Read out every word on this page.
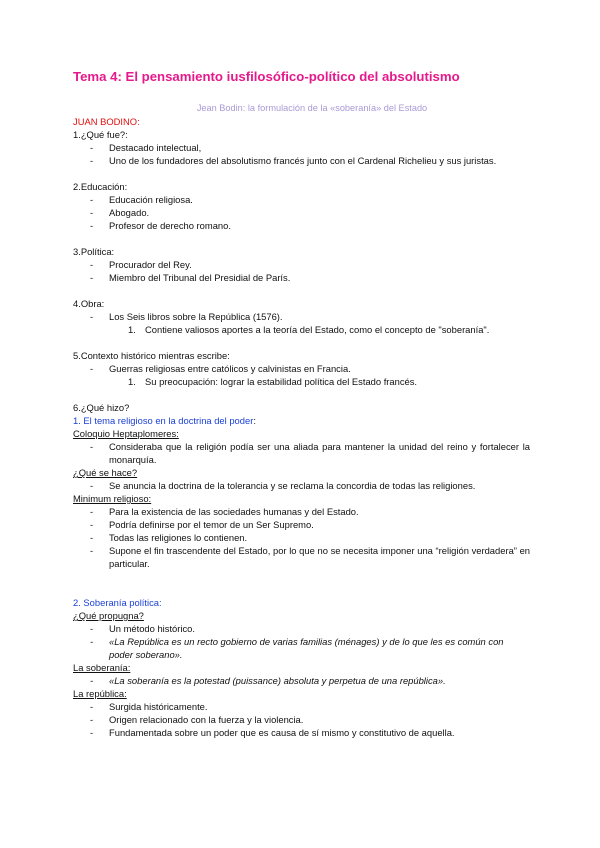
Tema 4: El pensamiento iusfilosófico-político del absolutismo
Jean Bodin: la formulación de la «soberanía» del Estado
JUAN BODINO:
1.¿Qué fue?:
- Destacado intelectual,
- Uno de los fundadores del absolutismo francés junto con el Cardenal Richelieu y sus juristas.
2.Educación:
- Educación religiosa.
- Abogado.
- Profesor de derecho romano.
3.Política:
- Procurador del Rey.
- Miembro del Tribunal del Presidial de París.
4.Obra:
- Los Seis libros sobre la República (1576).
1. Contiene valiosos aportes a la teoría del Estado, como el concepto de "soberanía".
5.Contexto histórico mientras escribe:
- Guerras religiosas entre católicos y calvinistas en Francia.
1. Su preocupación: lograr la estabilidad política del Estado francés.
6.¿Qué hizo?
1. El tema religioso en la doctrina del poder:
Coloquio Heptaplomeres:
- Consideraba que la religión podía ser una aliada para mantener la unidad del reino y fortalecer la monarquía.
¿Qué se hace?
- Se anuncia la doctrina de la tolerancia y se reclama la concordia de todas las religiones.
Minimum religioso:
- Para la existencia de las sociedades humanas y del Estado.
- Podría definirse por el temor de un Ser Supremo.
- Todas las religiones lo contienen.
- Supone el fin trascendente del Estado, por lo que no se necesita imponer una “religión verdadera” en particular.
2. Soberanía política:
¿Qué propugna?
- Un método histórico.
- «La República es un recto gobierno de varias familias (ménages) y de lo que les es común con poder soberano».
La soberanía:
- «La soberanía es la potestad (puissance) absoluta y perpetua de una república».
La república:
- Surgida históricamente.
- Origen relacionado con la fuerza y la violencia.
- Fundamentada sobre un poder que es causa de sí mismo y constitutivo de aquella.
